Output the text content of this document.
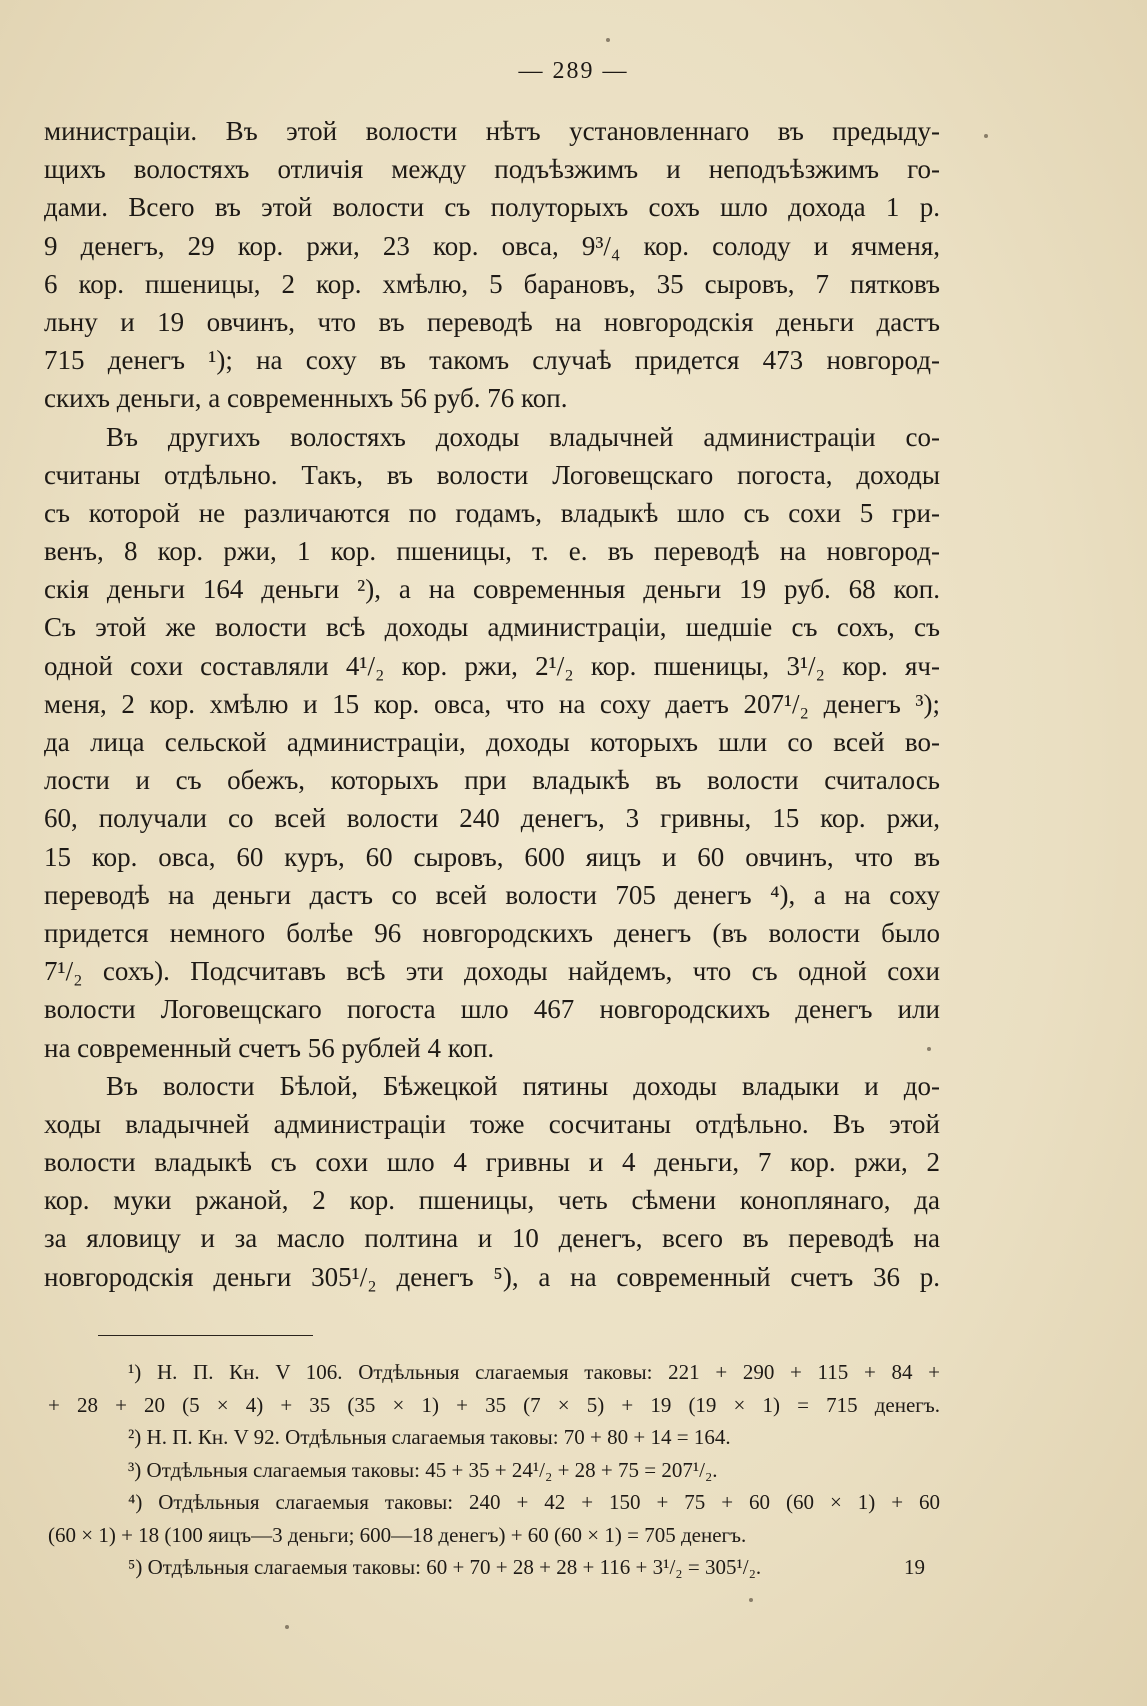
— 289 —
министраціи. Въ этой волости нѣтъ установленнаго въ предыду-
щихъ волостяхъ отличія между подъѣзжимъ и неподъѣзжимъ го-
дами. Всего въ этой волости съ полуторыхъ сохъ шло дохода 1 р.
9 денегъ, 29 кор. ржи, 23 кор. овса, 9³/₄ кор. солоду и ячменя,
6 кор. пшеницы, 2 кор. хмѣлю, 5 барановъ, 35 сыровъ, 7 пятковъ
льну и 19 овчинъ, что въ переводѣ на новгородскія деньги дастъ
715 денегъ ¹); на соху въ такомъ случаѣ придется 473 новгород-
скихъ деньги, а современныхъ 56 руб. 76 коп.
Въ другихъ волостяхъ доходы владычней администраціи со-
считаны отдѣльно. Такъ, въ волости Логовещскаго погоста, доходы
съ которой не различаются по годамъ, владыкѣ шло съ сохи 5 гри-
венъ, 8 кор. ржи, 1 кор. пшеницы, т. е. въ переводѣ на новгород-
скія деньги 164 деньги ²), а на современныя деньги 19 руб. 68 коп.
Съ этой же волости всѣ доходы администраціи, шедшіе съ сохъ, съ
одной сохи составляли 4¹/₂ кор. ржи, 2¹/₂ кор. пшеницы, 3¹/₂ кор. яч-
меня, 2 кор. хмѣлю и 15 кор. овса, что на соху даетъ 207¹/₂ денегъ ³);
да лица сельской администраціи, доходы которыхъ шли со всей во-
лости и съ обежъ, которыхъ при владыкѣ въ волости считалось
60, получали со всей волости 240 денегъ, 3 гривны, 15 кор. ржи,
15 кор. овса, 60 куръ, 60 сыровъ, 600 яицъ и 60 овчинъ, что въ
переводѣ на деньги дастъ со всей волости 705 денегъ ⁴), а на соху
придется немного болѣе 96 новгородскихъ денегъ (въ волости было
7¹/₂ сохъ). Подсчитавъ всѣ эти доходы найдемъ, что съ одной сохи
волости Логовещскаго погоста шло 467 новгородскихъ денегъ или
на современный счетъ 56 рублей 4 коп.
Въ волости Бѣлой, Бѣжецкой пятины доходы владыки и до-
ходы владычней администраціи тоже сосчитаны отдѣльно. Въ этой
волости владыкѣ съ сохи шло 4 гривны и 4 деньги, 7 кор. ржи, 2
кор. муки ржаной, 2 кор. пшеницы, четь сѣмени коноплянаго, да
за яловицу и за масло полтина и 10 денегъ, всего въ переводѣ на
новгородскія деньги 305¹/₂ денегъ ⁵), а на современный счетъ 36 р.
¹) Н. П. Кн. V 106. Отдѣльныя слагаемыя таковы: 221 + 290 + 115 + 84 +
+ 28 + 20 (5 × 4) + 35 (35 × 1) + 35 (7 × 5) + 19 (19 × 1) = 715 денегъ.
²) Н. П. Кн. V 92. Отдѣльныя слагаемыя таковы: 70 + 80 + 14 = 164.
³) Отдѣльныя слагаемыя таковы: 45 + 35 + 24¹/₂ + 28 + 75 = 207¹/₂.
⁴) Отдѣльныя слагаемыя таковы: 240 + 42 + 150 + 75 + 60 (60 × 1) + 60
(60 × 1) + 18 (100 яицъ—3 деньги; 600—18 денегъ) + 60 (60 × 1) = 705 денегъ.
⁵) Отдѣльныя слагаемыя таковы: 60 + 70 + 28 + 28 + 116 + 3¹/₂ = 305¹/₂.	19
